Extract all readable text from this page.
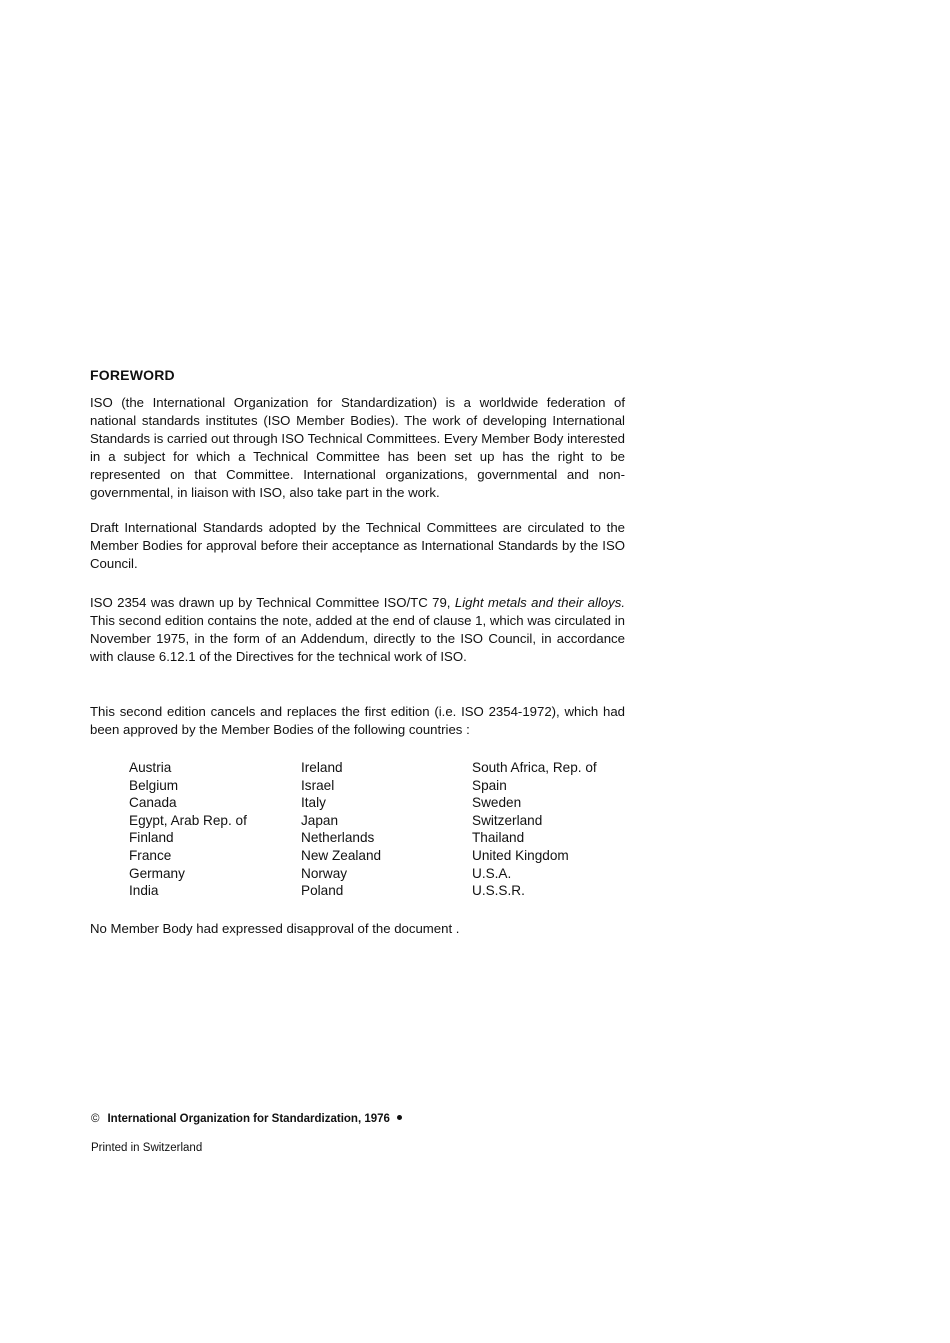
FOREWORD

ISO (the International Organization for Standardization) is a worldwide federation of national standards institutes (ISO Member Bodies). The work of developing International Standards is carried out through ISO Technical Committees. Every Member Body interested in a subject for which a Technical Committee has been set up has the right to be represented on that Committee. International organizations, governmental and non-governmental, in liaison with ISO, also take part in the work.

Draft International Standards adopted by the Technical Committees are circulated to the Member Bodies for approval before their acceptance as International Standards by the ISO Council.

ISO 2354 was drawn up by Technical Committee ISO/TC 79, Light metals and their alloys. This second edition contains the note, added at the end of clause 1, which was circulated in November 1975, in the form of an Addendum, directly to the ISO Council, in accordance with clause 6.12.1 of the Directives for the technical work of ISO.

This second edition cancels and replaces the first edition (i.e. ISO 2354-1972), which had been approved by the Member Bodies of the following countries :

Austria
Belgium
Canada
Egypt, Arab Rep. of
Finland
France
Germany
India
Ireland
Israel
Italy
Japan
Netherlands
New Zealand
Norway
Poland
South Africa, Rep. of
Spain
Sweden
Switzerland
Thailand
United Kingdom
U.S.A.
U.S.S.R.

No Member Body had expressed disapproval of the document .

© International Organization for Standardization, 1976
Printed in Switzerland
